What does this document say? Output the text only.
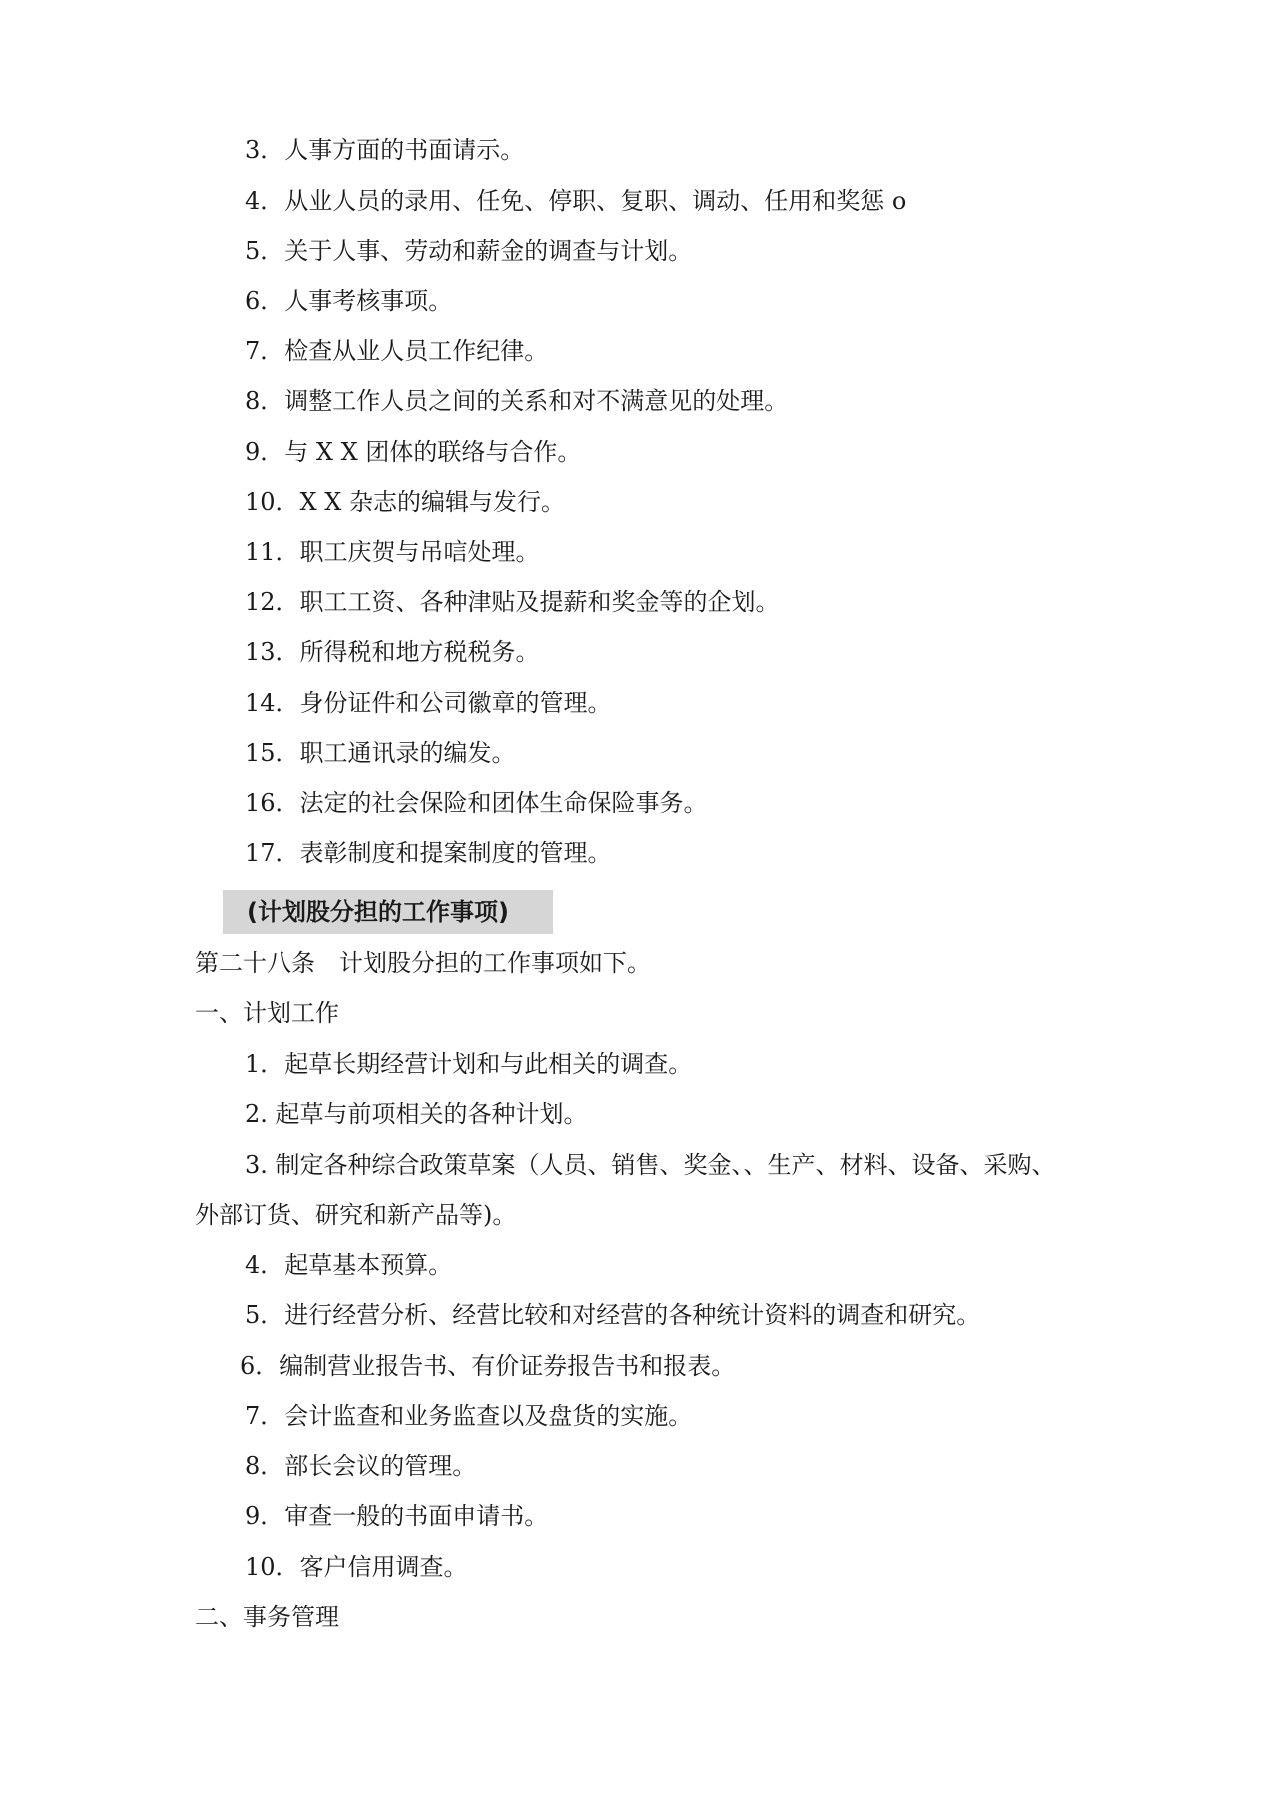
3．人事方面的书面请示。
4．从业人员的录用、任免、停职、复职、调动、任用和奖惩 o
5．关于人事、劳动和薪金的调查与计划。
6．人事考核事项。
7．检查从业人员工作纪律。
8．调整工作人员之间的关系和对不满意见的处理。
9．与 X X 团体的联络与合作。
10．X X 杂志的编辑与发行。
11．职工庆贺与吊唁处理。
12．职工工资、各种津贴及提薪和奖金等的企划。
13．所得税和地方税税务。
14．身份证件和公司徽章的管理。
15．职工通讯录的编发。
16．法定的社会保险和团体生命保险事务。
17．表彰制度和提案制度的管理。
(计划股分担的工作事项)
第二十八条　计划股分担的工作事项如下。
一、计划工作
1．起草长期经营计划和与此相关的调查。
2. 起草与前项相关的各种计划。
3. 制定各种综合政策草案（人员、销售、奖金、、生产、材料、设备、采购、
外部订货、研究和新产品等)。
4．起草基本预算。
5．进行经营分析、经营比较和对经营的各种统计资料的调查和研究。
6．编制营业报告书、有价证券报告书和报表。
7．会计监查和业务监查以及盘货的实施。
8．部长会议的管理。
9．审查一般的书面申请书。
10．客户信用调查。
二、事务管理
